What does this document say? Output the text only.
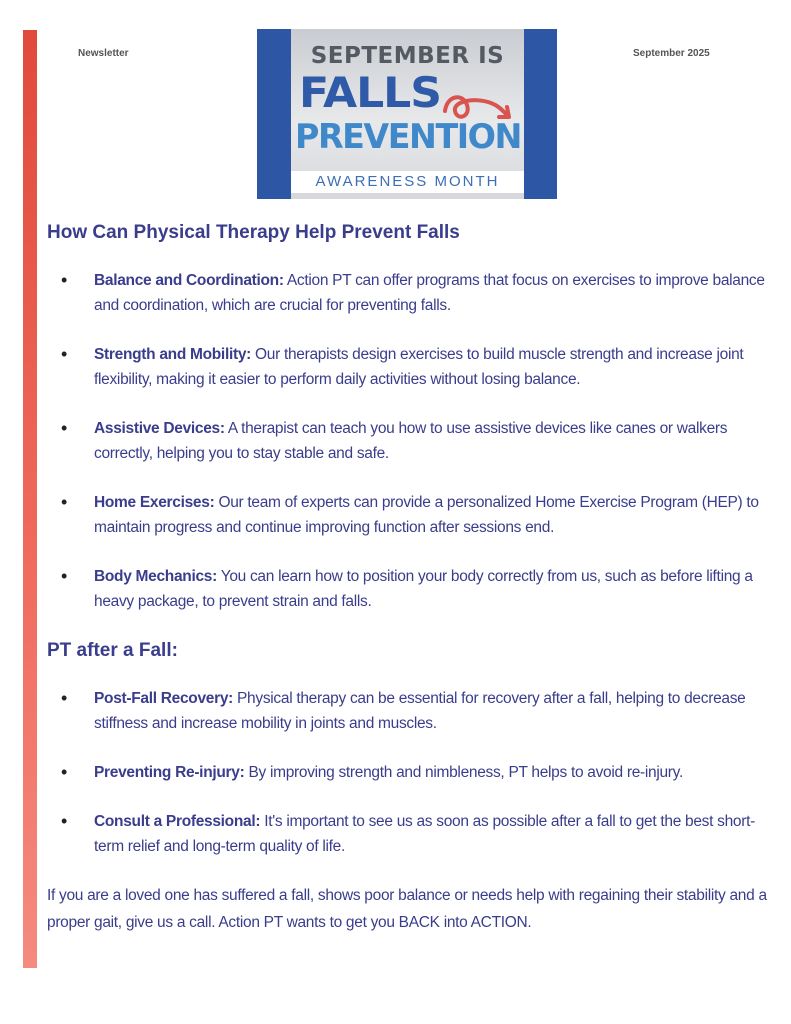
Newsletter	September 2025
SEPTEMBER IS
FALLS
PREVENTION
AWARENESS MONTH
How Can Physical Therapy Help Prevent Falls
• Balance and Coordination: Action PT can offer programs that focus on exercises to improve balance and coordination, which are crucial for preventing falls.
• Strength and Mobility: Our therapists design exercises to build muscle strength and increase joint flexibility, making it easier to perform daily activities without losing balance.
• Assistive Devices: A therapist can teach you how to use assistive devices like canes or walkers correctly, helping you to stay stable and safe.
• Home Exercises: Our team of experts can provide a personalized Home Exercise Program (HEP) to maintain progress and continue improving function after sessions end.
• Body Mechanics: You can learn how to position your body correctly from us, such as before lifting a heavy package, to prevent strain and falls.
PT after a Fall:
• Post-Fall Recovery: Physical therapy can be essential for recovery after a fall, helping to decrease stiffness and increase mobility in joints and muscles.
• Preventing Re-injury: By improving strength and nimbleness, PT helps to avoid re-injury.
• Consult a Professional: It's important to see us as soon as possible after a fall to get the best short-term relief and long-term quality of life.
If you are a loved one has suffered a fall, shows poor balance or needs help with regaining their stability and a proper gait, give us a call. Action PT wants to get you BACK into ACTION.
